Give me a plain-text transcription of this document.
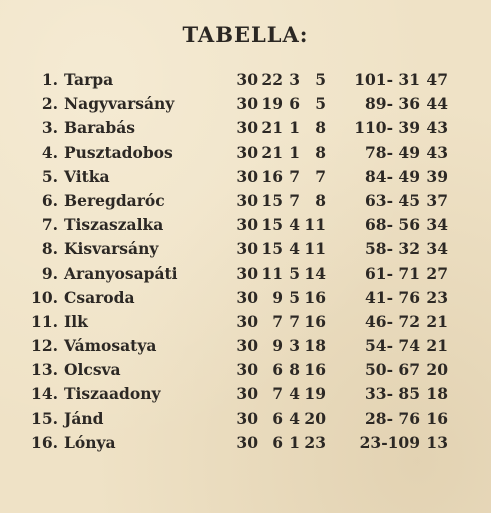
TABELLA:
1. Tarpa	30 22 3 5	101- 31 47
2. Nagyvarsány	30 19 6 5	89- 36 44
3. Barabás	30 21 1 8	110- 39 43
4. Pusztadobos	30 21 1 8	78- 49 43
5. Vitka	30 16 7 7	84- 49 39
6. Beregdaróc	30 15 7 8	63- 45 37
7. Tiszaszalka	30 15 4 11	68- 56 34
8. Kisvarsány	30 15 4 11	58- 32 34
9. Aranyosapáti	30 11 5 14	61- 71 27
10. Csaroda	30 9 5 16	41- 76 23
11. Ilk	30 7 7 16	46- 72 21
12. Vámosatya	30 9 3 18	54- 74 21
13. Olcsva	30 6 8 16	50- 67 20
14. Tiszaadony	30 7 4 19	33- 85 18
15. Jánd	30 6 4 20	28- 76 16
16. Lónya	30 6 1 23	23-109 13
